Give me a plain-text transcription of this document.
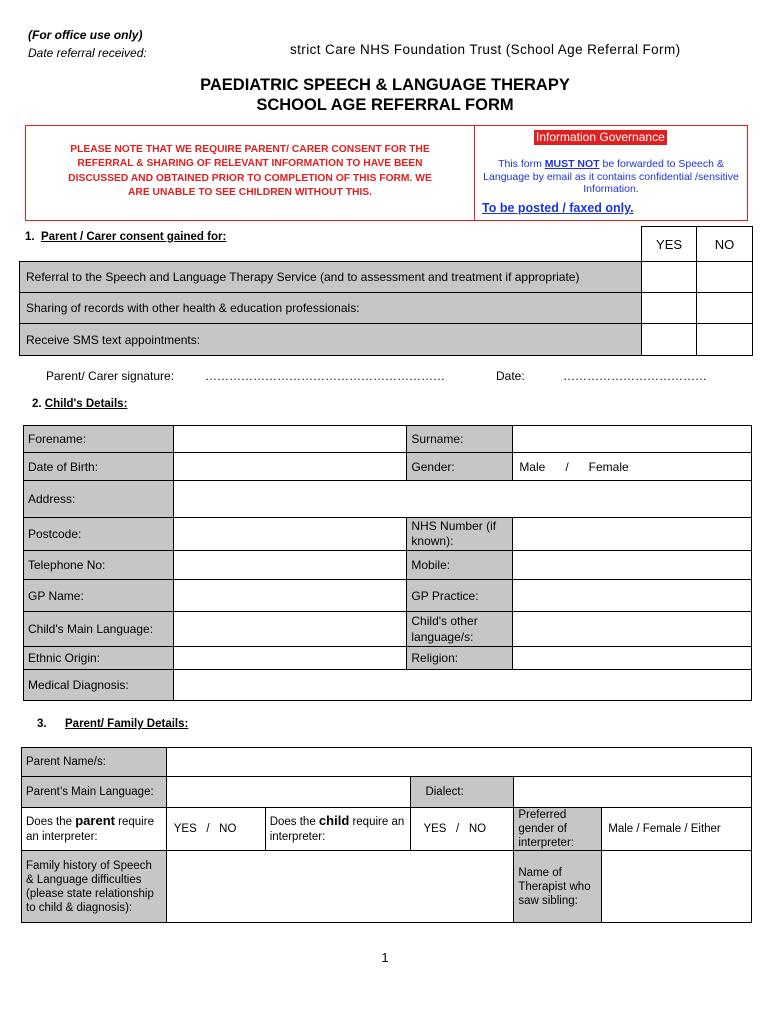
(For office use only)
Date referral received:	strict Care NHS Foundation Trust (School Age Referral Form)
PAEDIATRIC SPEECH & LANGUAGE THERAPY
SCHOOL AGE REFERRAL FORM
PLEASE NOTE THAT WE REQUIRE PARENT/ CARER CONSENT FOR THE
REFERRAL & SHARING OF RELEVANT INFORMATION TO HAVE BEEN
DISCUSSED AND OBTAINED PRIOR TO COMPLETION OF THIS FORM. WE
ARE UNABLE TO SEE CHILDREN WITHOUT THIS.
Information Governance
This form MUST NOT be forwarded to Speech & Language by email as it contains confidential /sensitive Information.
To be posted / faxed only.
1. Parent / Carer consent gained for:
		YES	NO
Referral to the Speech and Language Therapy Service (and to assessment and treatment if appropriate)		
Sharing of records with other health & education professionals:		
Receive SMS text appointments:		
Parent/ Carer signature:	……………………………………………………	Date:	………………………………
2. Child's Details:
Forename:		Surname:	
Date of Birth:		Gender:	Male / Female
Address:			
Postcode:		NHS Number (if known):	
Telephone No:		Mobile:	
GP Name:		GP Practice:	
Child's Main Language:		Child's other language/s:	
Ethnic Origin:		Religion:	
Medical Diagnosis:			
3. Parent/ Family Details:
Parent Name/s:					
Parent’s Main Language:			Dialect:		
Does the parent require an interpreter:	YES   /   NO	Does the child require an interpreter:	YES   /   NO	Preferred gender of interpreter:	Male / Female / Either
Family history of Speech & Language difficulties (please state relationship to child & diagnosis):				Name of Therapist who saw sibling:	
1
